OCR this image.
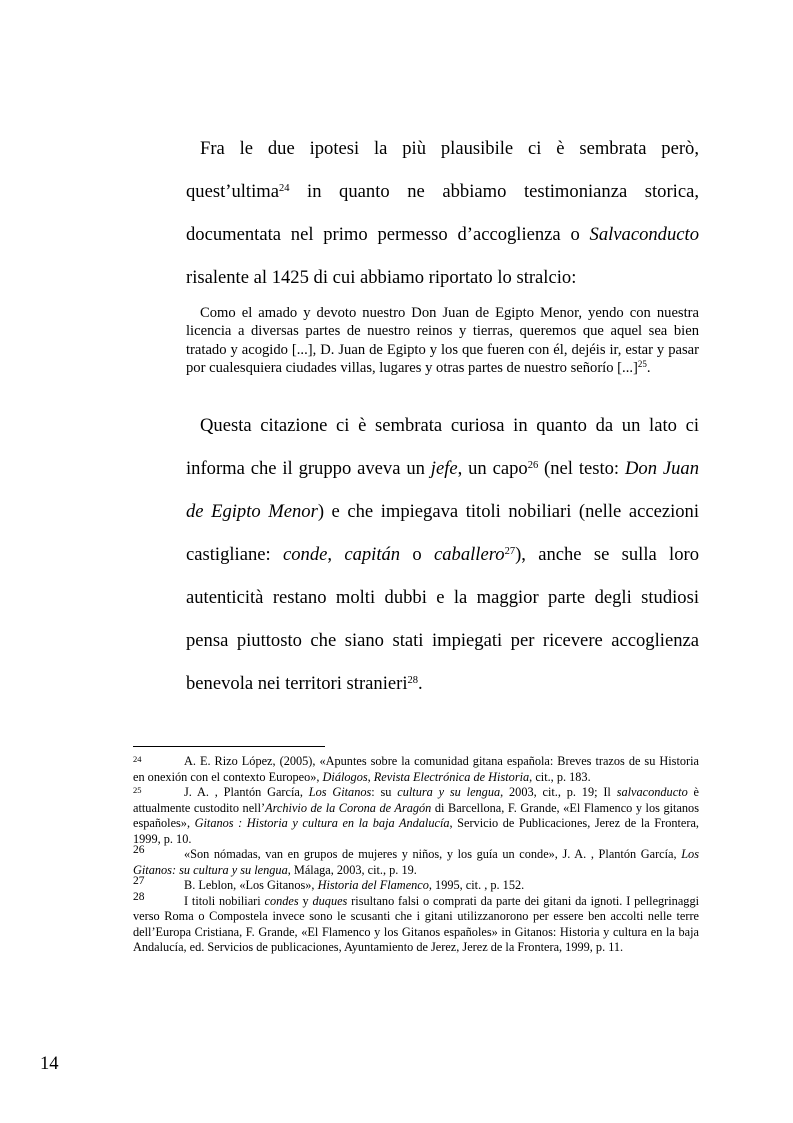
Fra le due ipotesi la più plausibile ci è sembrata però, quest’ultima$^{24}$ in quanto ne abbiamo testimonianza storica, documentata nel primo permesso d’accoglienza o Salvaconducto risalente al 1425 di cui abbiamo riportato lo stralcio:

Como el amado y devoto nuestro Don Juan de Egipto Menor, yendo con nuestra licencia a diversas partes de nuestro reinos y tierras, queremos que aquel sea bien tratado y acogido [...], D. Juan de Egipto y los que fueren con él, dejéis ir, estar y pasar por cualesquiera ciudades villas, lugares y otras partes de nuestro señorío [...]$^{25}$.

Questa citazione ci è sembrata curiosa in quanto da un lato ci informa che il gruppo aveva un jefe, un capo$^{26}$ (nel testo: Don Juan de Egipto Menor) e che impiegava titoli nobiliari (nelle accezioni castigliane: conde, capitán o caballero$^{27}$), anche se sulla loro autenticità restano molti dubbi e la maggior parte degli studiosi pensa piuttosto che siano stati impiegati per ricevere accoglienza benevola nei territori stranieri$^{28}$.

24	A. E. Rizo López, (2005), «Apuntes sobre la comunidad gitana española: Breves trazos de su Historia en onexión con el contexto Europeo», Diálogos, Revista Electrónica de Historia, cit., p. 183.

25	J. A. , Plantón García, Los Gitanos: su cultura y su lengua, 2003, cit., p. 19; Il salvaconducto è attualmente custodito nell’Archivio de la Corona de Aragón di Barcellona, F. Grande, «El Flamenco y los gitanos españoles», Gitanos : Historia y cultura en la baja Andalucía, Servicio de Publicaciones, Jerez de la Frontera, 1999, p. 10.

26	«Son nómadas, van en grupos de mujeres y niños, y los guía un conde», J. A. , Plantón García, Los Gitanos: su cultura y su lengua, Málaga, 2003, cit., p. 19.

27	B. Leblon, «Los Gitanos», Historia del Flamenco, 1995, cit. , p. 152.

28	I titoli nobiliari condes y duques risultano falsi o comprati da parte dei gitani da ignoti. I pellegrinaggi verso Roma o Compostela invece sono le scusanti che i gitani utilizzanorono per essere ben accolti nelle terre dell’Europa Cristiana, F. Grande, «El Flamenco y los Gitanos españoles» in Gitanos: Historia y cultura en la baja Andalucía, ed. Servicios de publicaciones, Ayuntamiento de Jerez, Jerez de la Frontera, 1999, p. 11.

14
